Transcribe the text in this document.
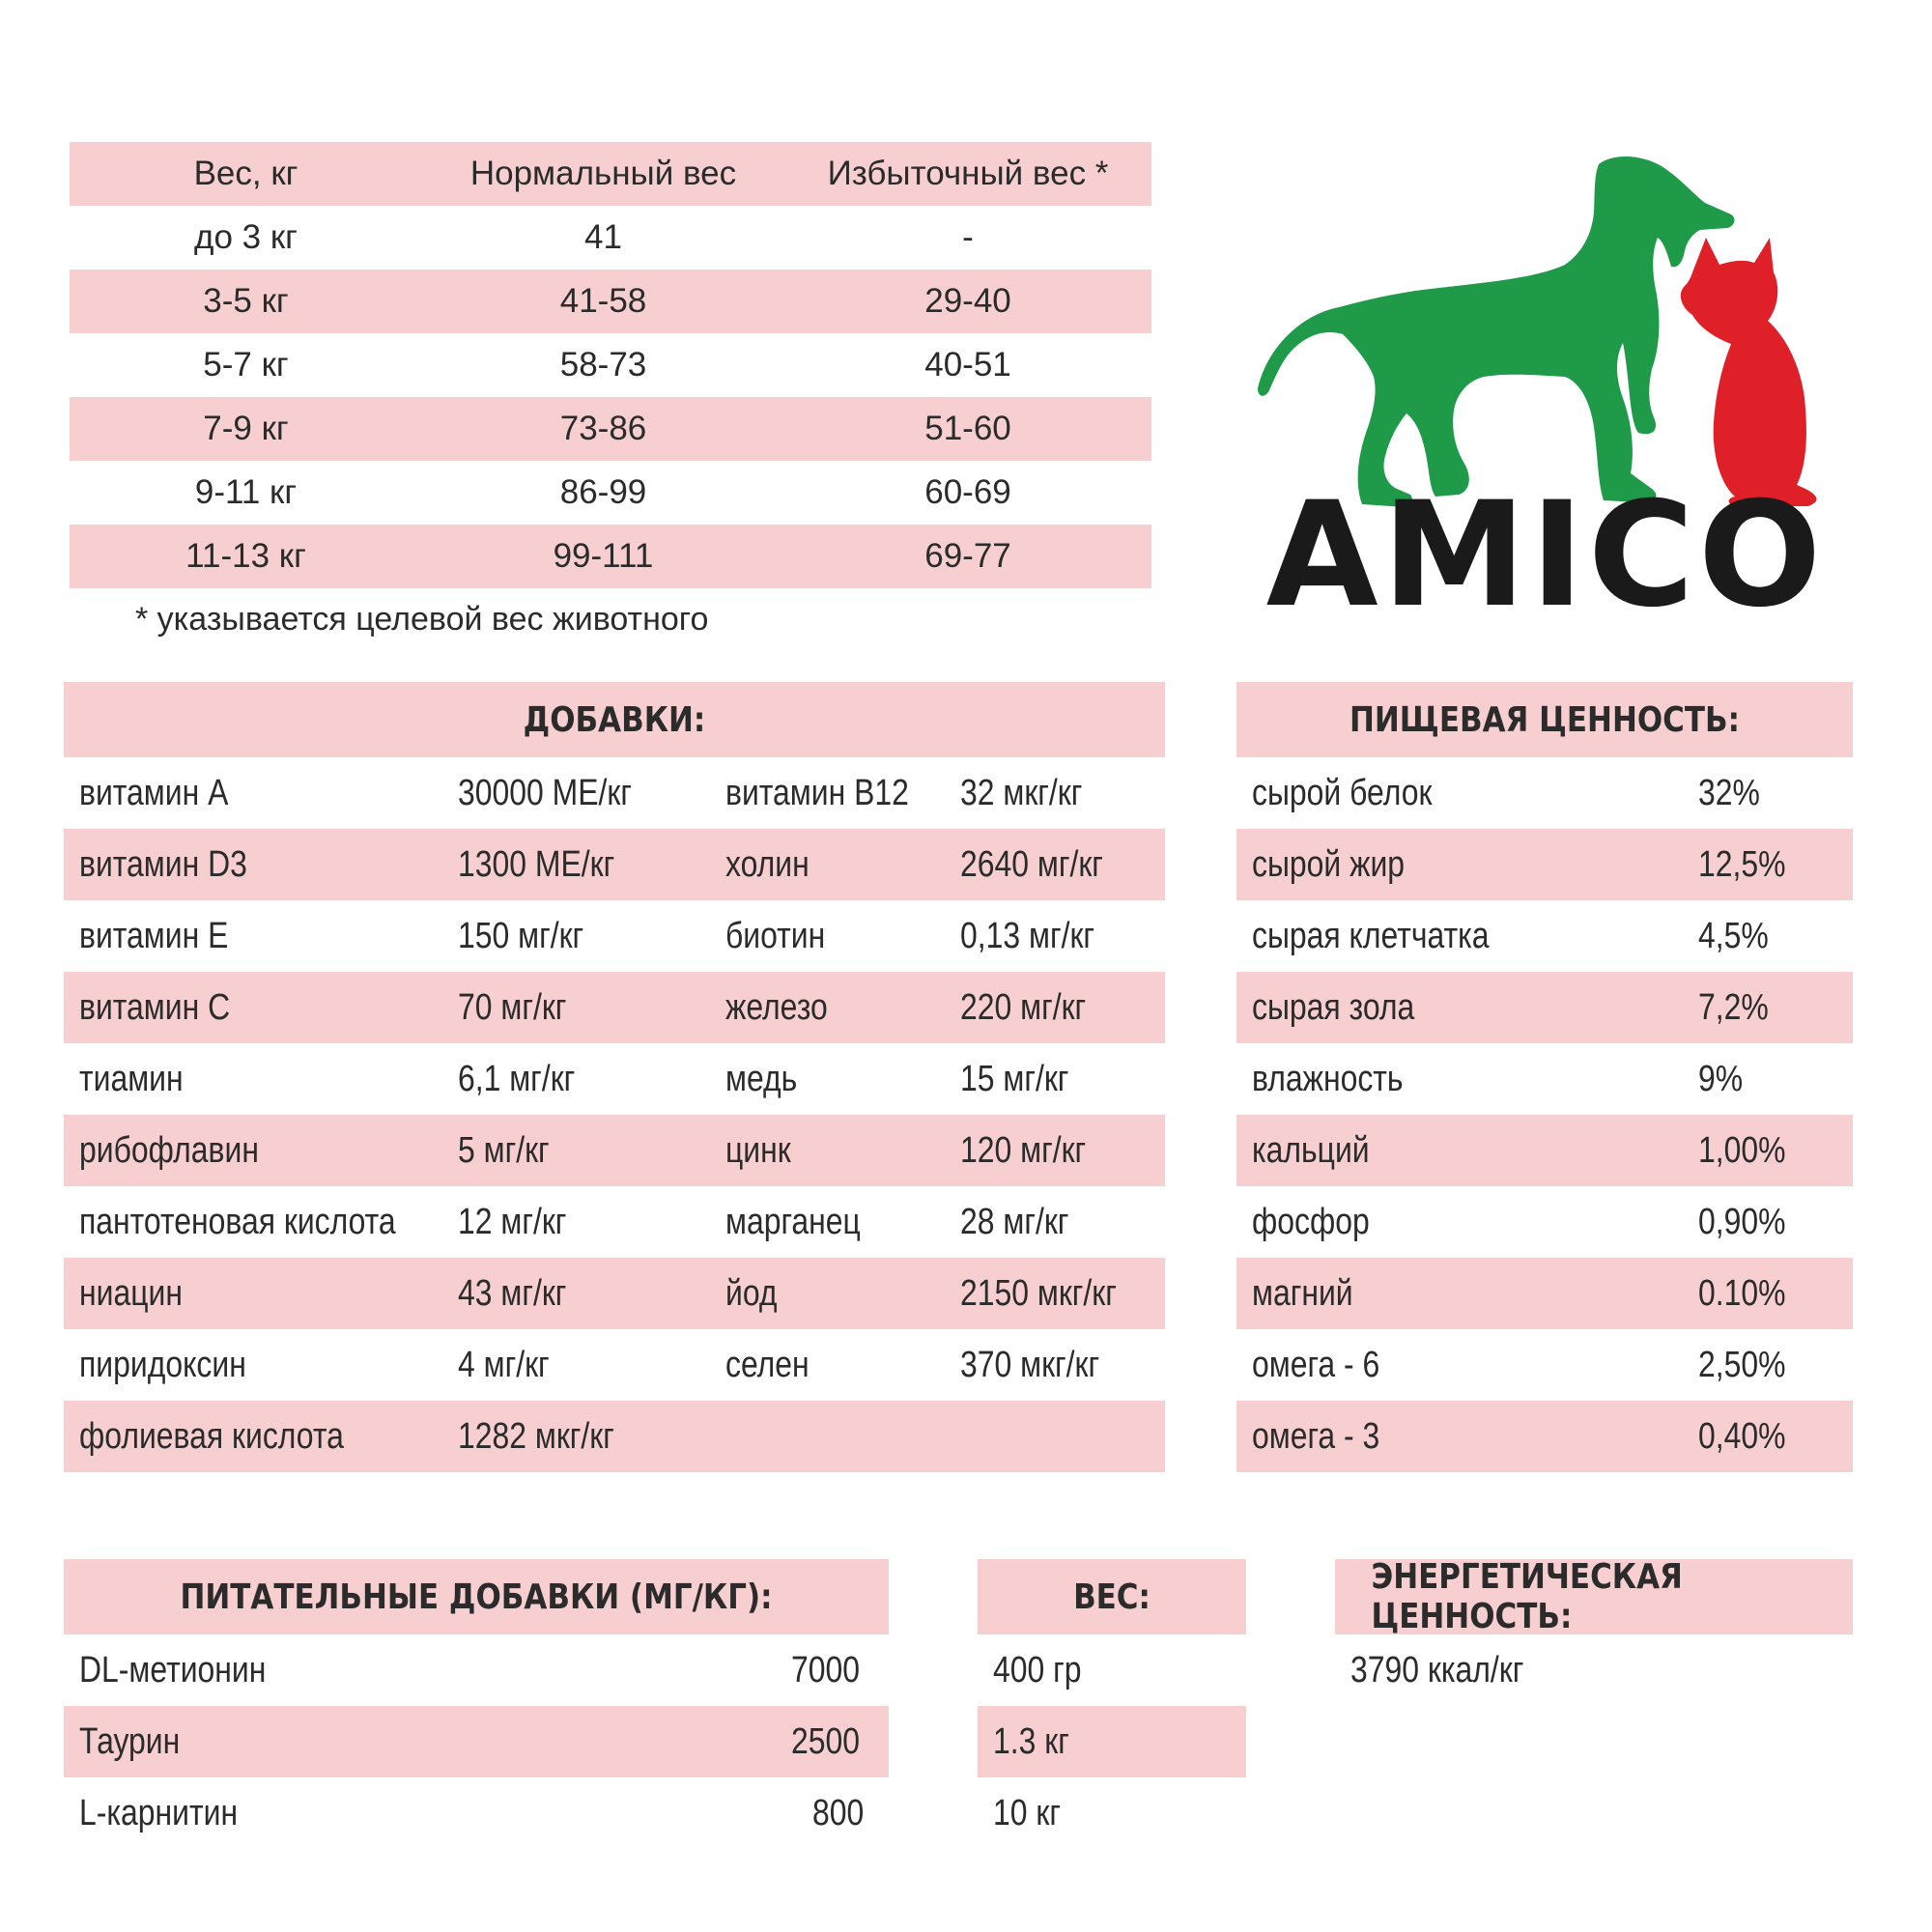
Вес, кг	Нормальный вес	Избыточный вес *
до 3 кг	41	-
3-5 кг	41-58	29-40
5-7 кг	58-73	40-51
7-9 кг	73-86	51-60
9-11 кг	86-99	60-69
11-13 кг	99-111	69-77
* указывается целевой вес животного	AMICO
ДОБАВКИ:
витамин А	30000 МЕ/кг	витамин В12	32 мкг/кг
витамин D3	1300 МЕ/кг	холин	2640 мг/кг
витамин Е	150 мг/кг	биотин	0,13 мг/кг
витамин С	70 мг/кг	железо	220 мг/кг
тиамин	6,1 мг/кг	медь	15 мг/кг
рибофлавин	5 мг/кг	цинк	120 мг/кг
пантотеновая кислота	12 мг/кг	марганец	28 мг/кг
ниацин	43 мг/кг	йод	2150 мкг/кг
пиридоксин	4 мг/кг	селен	370 мкг/кг
фолиевая кислота	1282 мкг/кг
ПИЩЕВАЯ ЦЕННОСТЬ:
сырой белок	32%
сырой жир	12,5%
сырая клетчатка	4,5%
сырая зола	7,2%
влажность	9%
кальций	1,00%
фосфор	0,90%
магний	0.10%
омега - 6	2,50%
омега - 3	0,40%
ПИТАТЕЛЬНЫЕ ДОБАВКИ (МГ/КГ):
DL-метионин	7000
Таурин	2500
L-карнитин	800
ВЕС:
400 гр
1.3 кг
10 кг
ЭНЕРГЕТИЧЕСКАЯ ЦЕННОСТЬ:
3790 ккал/кг
